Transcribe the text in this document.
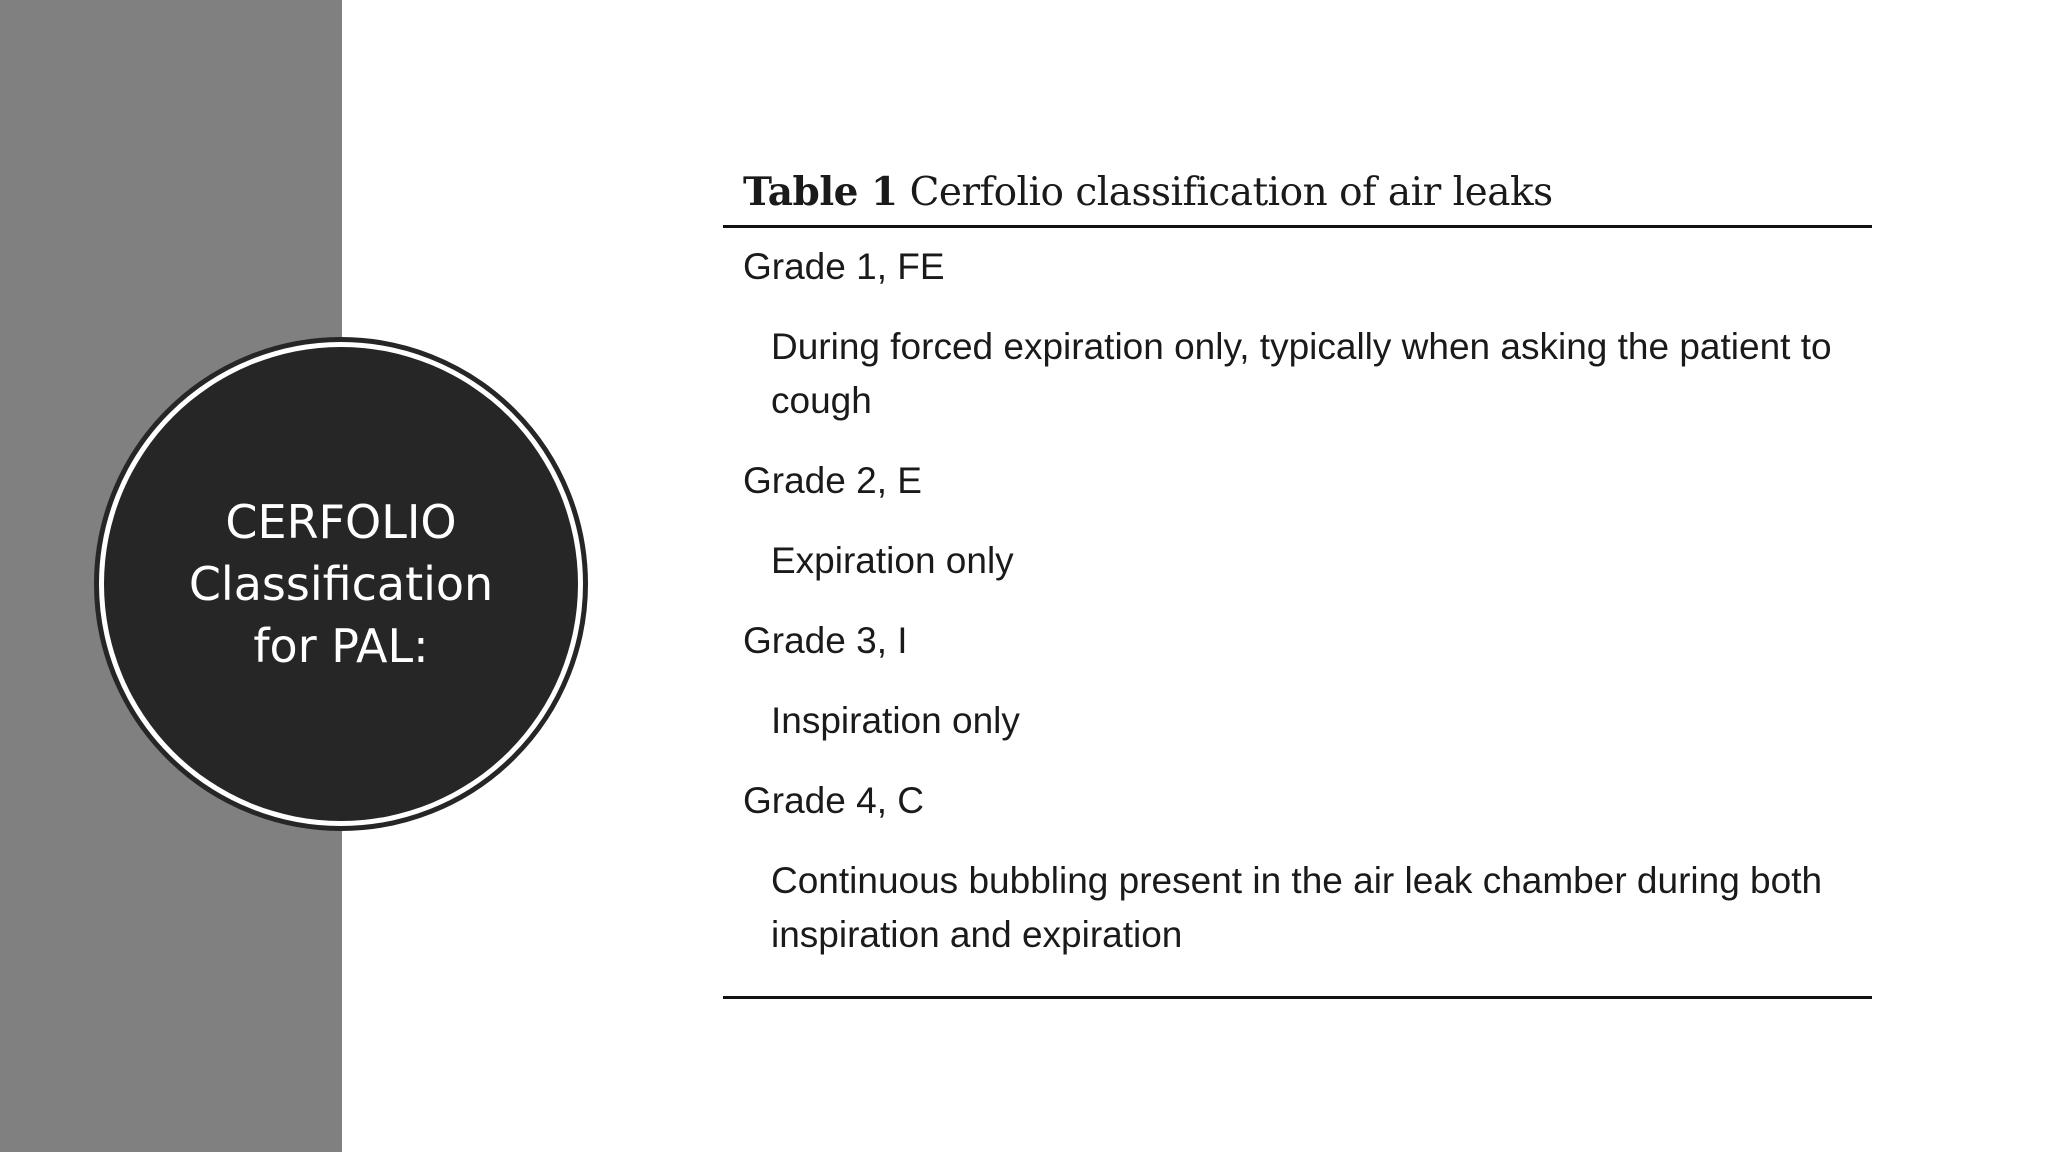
CERFOLIO
Classification
for PAL:
Table 1 Cerfolio classification of air leaks
Grade 1, FE
During forced expiration only, typically when asking the patient to cough
Grade 2, E
Expiration only
Grade 3, I
Inspiration only
Grade 4, C
Continuous bubbling present in the air leak chamber during both inspiration and expiration
